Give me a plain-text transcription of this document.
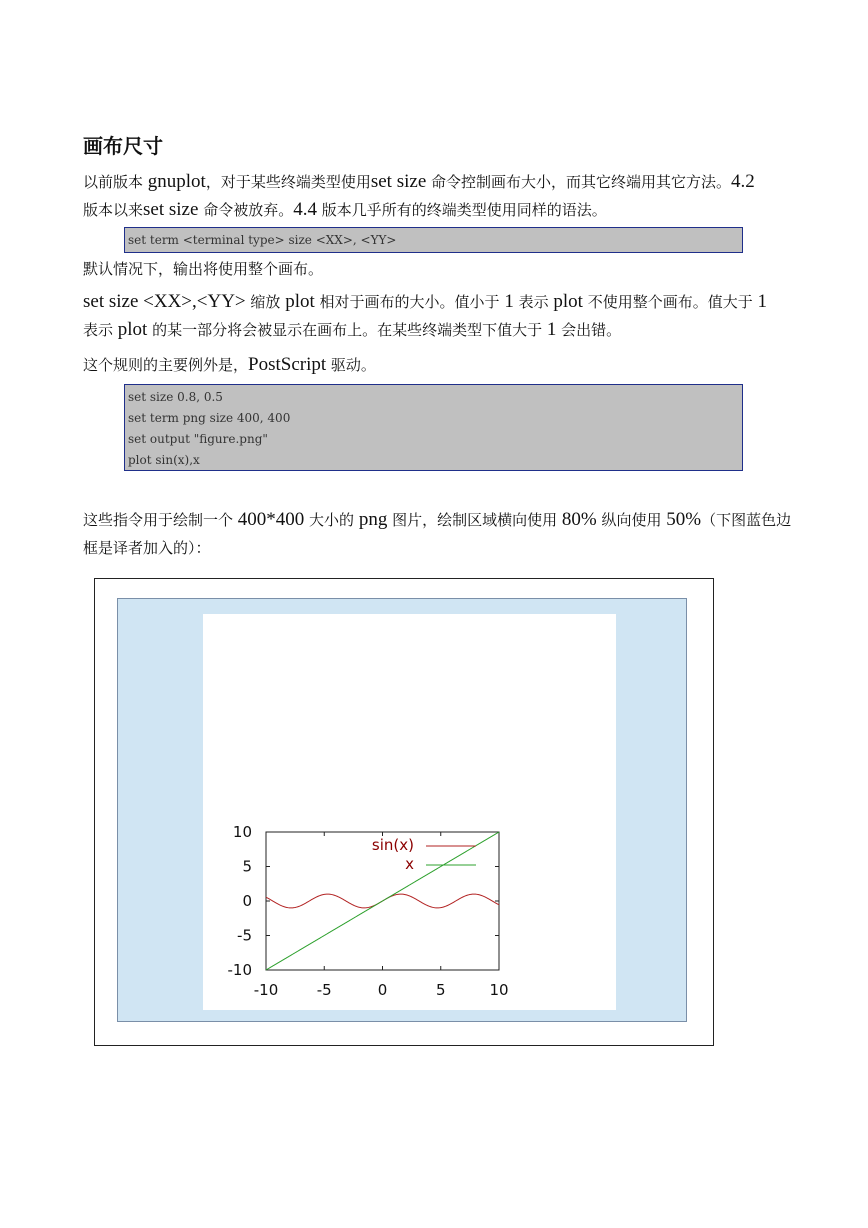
画布尺寸
以前版本 gnuplot，对于某些终端类型使用set size 命令控制画布大小，而其它终端用其它方法。4.2
版本以来set size 命令被放弃。4.4 版本几乎所有的终端类型使用同样的语法。
set term <terminal type> size <XX>, <YY>
默认情况下，输出将使用整个画布。
set size <XX>,<YY> 缩放 plot 相对于画布的大小。值小于 1 表示 plot 不使用整个画布。值大于 1
表示 plot 的某一部分将会被显示在画布上。在某些终端类型下值大于 1 会出错。
这个规则的主要例外是，PostScript 驱动。
set size 0.8, 0.5
set term png size 400, 400
set output "figure.png"
plot sin(x),x
这些指令用于绘制一个 400*400 大小的 png 图片，绘制区域横向使用 80% 纵向使用 50%（下图蓝色边框是译者加入的）：
10
5
0
-5
-10
-10	-5	0	5	10
sin(x)
x
